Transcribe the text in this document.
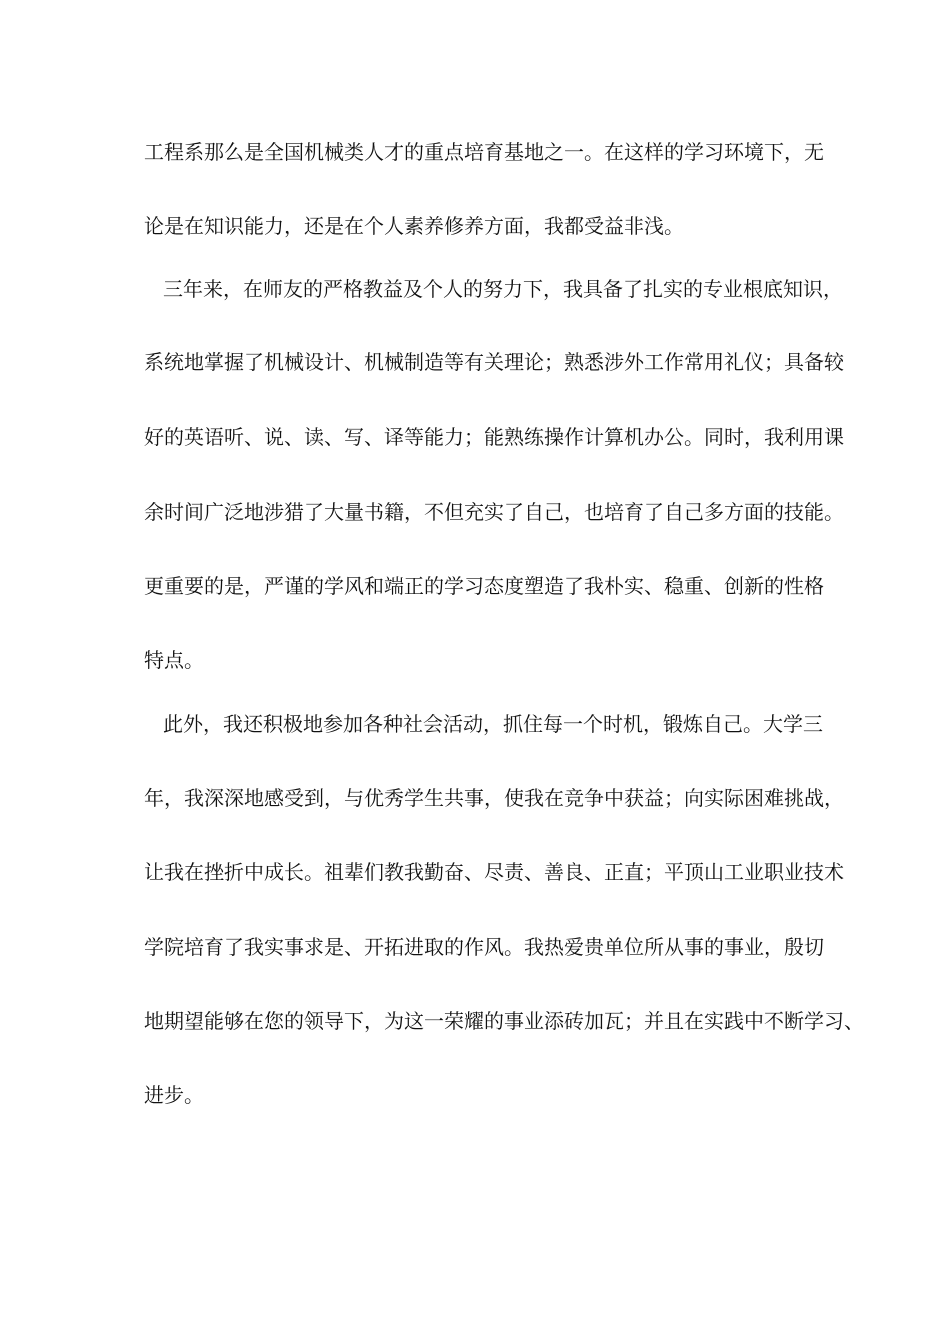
工程系那么是全国机械类人才的重点培育基地之一。在这样的学习环境下，无

论是在知识能力，还是在个人素养修养方面，我都受益非浅。

三年来，在师友的严格教益及个人的努力下，我具备了扎实的专业根底知识，

系统地掌握了机械设计、机械制造等有关理论；熟悉涉外工作常用礼仪；具备较

好的英语听、说、读、写、译等能力；能熟练操作计算机办公。同时，我利用课

余时间广泛地涉猎了大量书籍，不但充实了自己，也培育了自己多方面的技能。

更重要的是，严谨的学风和端正的学习态度塑造了我朴实、稳重、创新的性格

特点。

此外，我还积极地参加各种社会活动，抓住每一个时机，锻炼自己。大学三

年，我深深地感受到，与优秀学生共事，使我在竞争中获益；向实际困难挑战，

让我在挫折中成长。祖辈们教我勤奋、尽责、善良、正直；平顶山工业职业技术

学院培育了我实事求是、开拓进取的作风。我热爱贵单位所从事的事业，殷切

地期望能够在您的领导下，为这一荣耀的事业添砖加瓦；并且在实践中不断学习、

进步。
